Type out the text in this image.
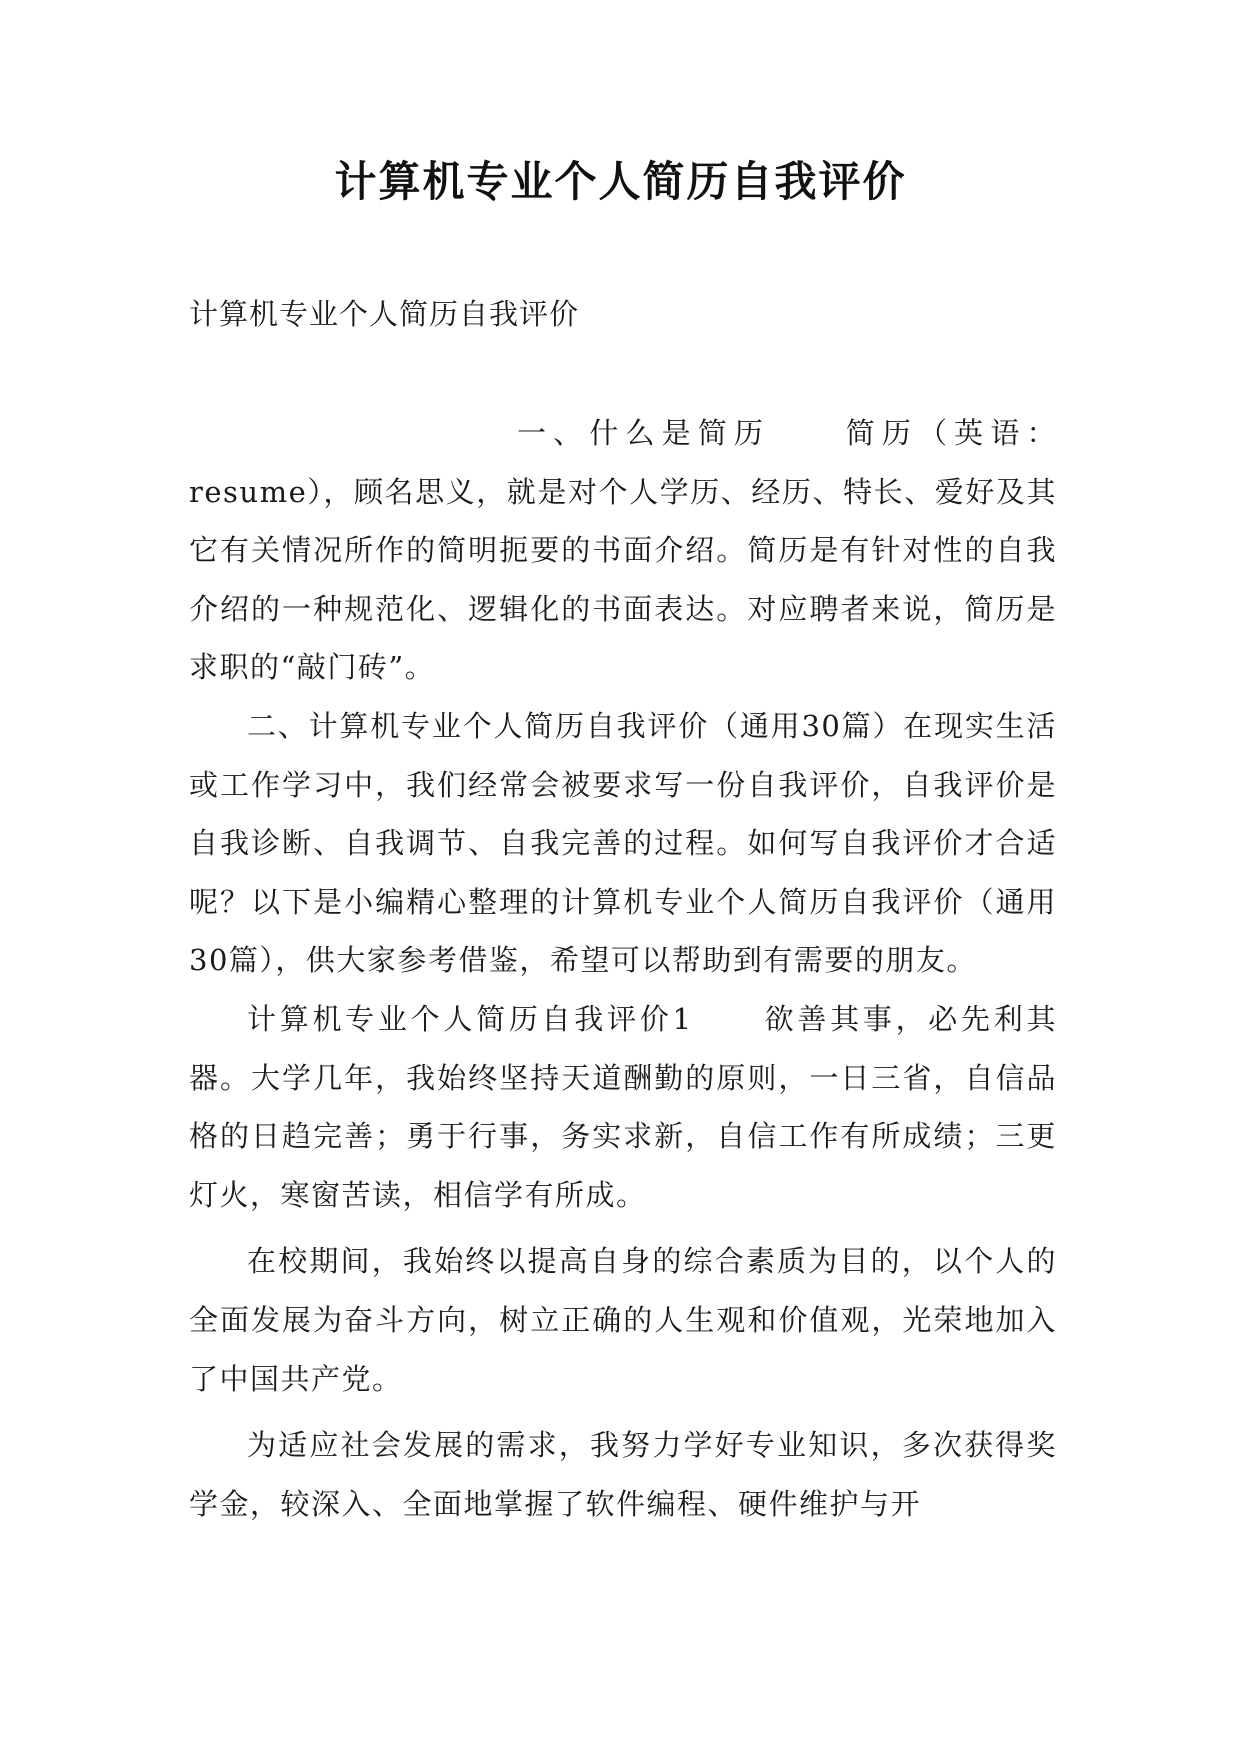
计算机专业个人简历自我评价
计算机专业个人简历自我评价

一、什么是简历 简历（英语：resume），顾名思义，就是对个人学历、经历、特长、爱好及其它有关情况所作的简明扼要的书面介绍。简历是有针对性的自我介绍的一种规范化、逻辑化的书面表达。对应聘者来说，简历是求职的“敲门砖”。

二、计算机专业个人简历自我评价（通用30篇）在现实生活或工作学习中，我们经常会被要求写一份自我评价，自我评价是自我诊断、自我调节、自我完善的过程。如何写自我评价才合适呢？以下是小编精心整理的计算机专业个人简历自我评价（通用30篇），供大家参考借鉴，希望可以帮助到有需要的朋友。

计算机专业个人简历自我评价1 欲善其事，必先利其器。大学几年，我始终坚持天道酬勤的原则，一日三省，自信品格的日趋完善；勇于行事，务实求新，自信工作有所成绩；三更灯火，寒窗苦读，相信学有所成。

在校期间，我始终以提高自身的综合素质为目的，以个人的全面发展为奋斗方向，树立正确的人生观和价值观，光荣地加入了中国共产党。

为适应社会发展的需求，我努力学好专业知识，多次获得奖学金，较深入、全面地掌握了软件编程、硬件维护与开
